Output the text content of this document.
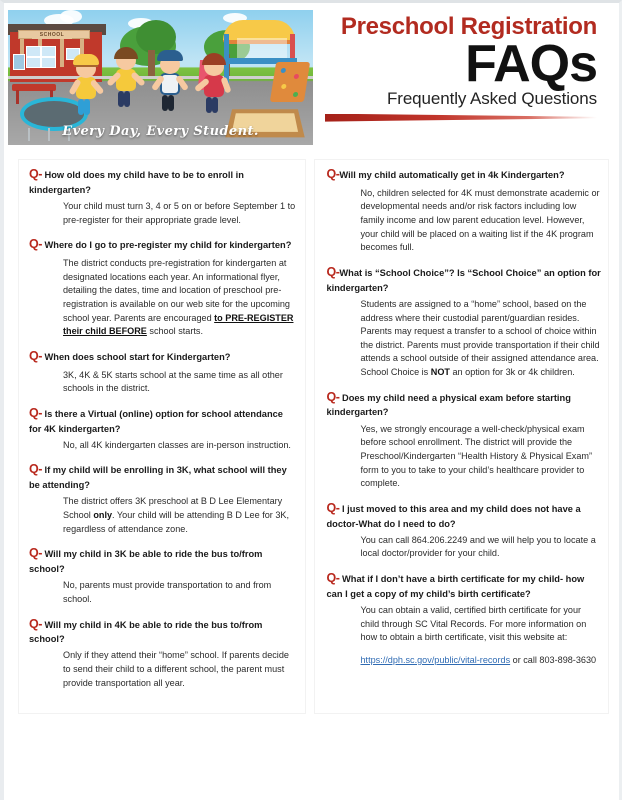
SCHOOL
Every Day, Every Student.
Preschool Registration
FAQs
Frequently Asked Questions

Q- How old does my child have to be to enroll in kindergarten?

Your child must turn 3, 4 or 5 on or before September 1 to pre-register for their appropriate grade level.

Q- Where do I go to pre-register my child for kindergarten?

The district conducts pre-registration for kindergarten at designated locations each year. An informational flyer, detailing the dates, time and location of preschool pre- registration is available on our web site for the upcoming school year. Parents are encouraged to PRE-REGISTER their child BEFORE school starts.

Q- When does school start for Kindergarten?

3K, 4K & 5K starts school at the same time as all other schools in the district.

Q- Is there a Virtual (online) option for school attendance for 4K kindergarten?

No, all 4K kindergarten classes are in-person instruction.

Q- If my child will be enrolling in 3K, what school will they be attending?

The district offers 3K preschool at B D Lee Elementary School only. Your child will be attending B D Lee for 3K, regardless of attendance zone.

Q- Will my child in 3K be able to ride the bus to/from school?

No, parents must provide transportation to and from school.

Q- Will my child in 4K be able to ride the bus to/from school?

Only if they attend their “home” school. If parents decide to send their child to a different school, the parent must provide transportation all year.

Q-Will my child automatically get in 4k Kindergarten?

No, children selected for 4K must demonstrate academic or developmental needs and/or risk factors including low family income and low parent education level. However, your child will be placed on a waiting list if the 4K program becomes full.

Q-What is “School Choice”? Is “School Choice” an option for kindergarten?

Students are assigned to a “home” school, based on the address where their custodial parent/guardian resides. Parents may request a transfer to a school of choice within the district. Parents must provide transportation if their child attends a school outside of their assigned attendance area. School Choice is NOT an option for 3k or 4k children.

Q- Does my child need a physical exam before starting kindergarten?

Yes, we strongly encourage a well-check/physical exam before school enrollment. The district will provide the Preschool/Kindergarten “Health History & Physical Exam” form to you to take to your child’s healthcare provider to complete.

Q- I just moved to this area and my child does not have a doctor-What do I need to do?

You can call 864.206.2249 and we will help you to locate a local doctor/provider for your child.

Q- What if I don’t have a birth certificate for my child- how can I get a copy of my child’s birth certificate?

You can obtain a valid, certified birth certificate for your child through SC Vital Records. For more information on how to obtain a birth certificate, visit this website at:

https://dph.sc.gov/public/vital-records or call 803-898-3630
